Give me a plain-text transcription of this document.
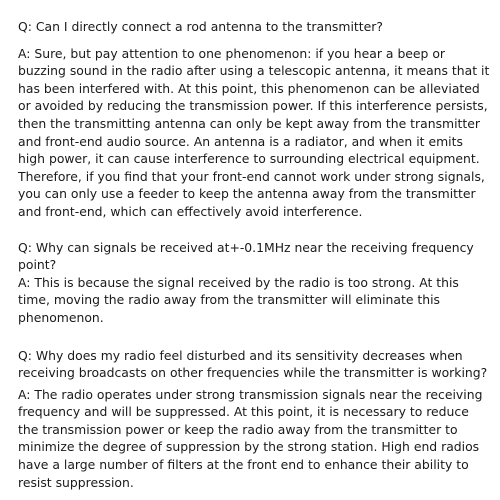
Q: Can I directly connect a rod antenna to the transmitter?

A: Sure, but pay attention to one phenomenon: if you hear a beep or buzzing sound in the radio after using a telescopic antenna, it means that it has been interfered with. At this point, this phenomenon can be alleviated or avoided by reducing the transmission power. If this interference persists, then the transmitting antenna can only be kept away from the transmitter and front-end audio source. An antenna is a radiator, and when it emits high power, it can cause interference to surrounding electrical equipment. Therefore, if you find that your front-end cannot work under strong signals, you can only use a feeder to keep the antenna away from the transmitter and front-end, which can effectively avoid interference.

Q: Why can signals be received at+-0.1MHz near the receiving frequency point?

A: This is because the signal received by the radio is too strong. At this time, moving the radio away from the transmitter will eliminate this phenomenon.

Q: Why does my radio feel disturbed and its sensitivity decreases when receiving broadcasts on other frequencies while the transmitter is working?

A: The radio operates under strong transmission signals near the receiving frequency and will be suppressed. At this point, it is necessary to reduce the transmission power or keep the radio away from the transmitter to minimize the degree of suppression by the strong station. High end radios have a large number of filters at the front end to enhance their ability to resist suppression.
